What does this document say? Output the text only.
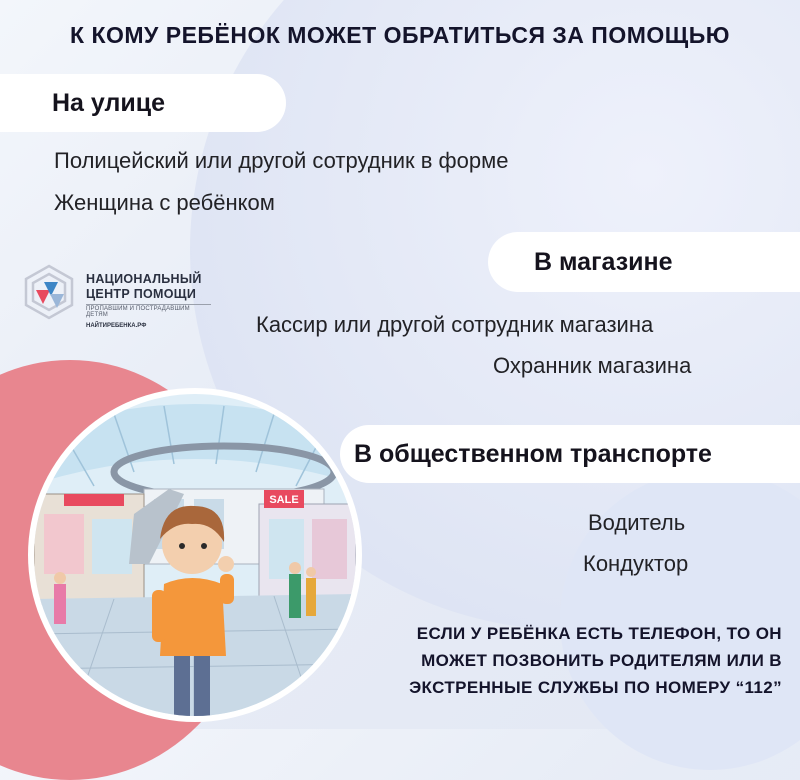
К КОМУ РЕБЁНОК МОЖЕТ ОБРАТИТЬСЯ ЗА ПОМОЩЬЮ
На улице
Полицейский или другой сотрудник в форме
Женщина с ребёнком
НАЦИОНАЛЬНЫЙ
ЦЕНТР ПОМОЩИ
ПРОПАВШИМ И ПОСТРАДАВШИМ ДЕТЯМ
НАЙТИРЕБЕНКА.РФ
В магазине
Кассир или другой сотрудник магазина
Охранник магазина
SALE
В общественном транспорте
Водитель
Кондуктор
ЕСЛИ У РЕБЁНКА ЕСТЬ ТЕЛЕФОН, ТО ОН
МОЖЕТ ПОЗВОНИТЬ РОДИТЕЛЯМ ИЛИ В
ЭКСТРЕННЫЕ СЛУЖБЫ ПО НОМЕРУ “112”
